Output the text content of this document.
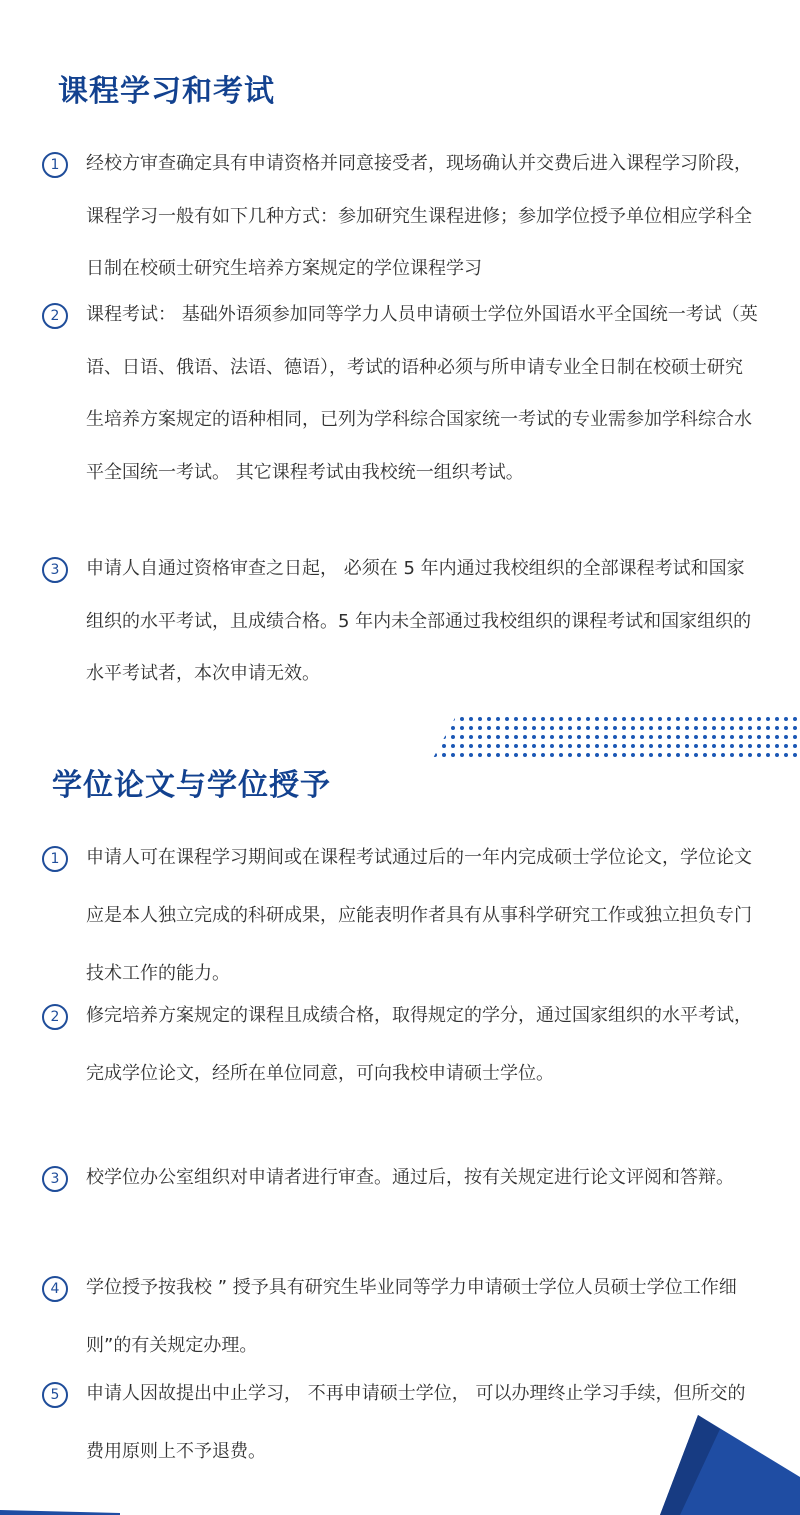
课程学习和考试
1	经校方审查确定具有申请资格并同意接受者，现场确认并交费后进入课程学习阶段，课程学习一般有如下几种方式：参加研究生课程进修；参加学位授予单位相应学科全日制在校硕士研究生培养方案规定的学位课程学习

2	课程考试： 基础外语须参加同等学力人员申请硕士学位外国语水平全国统一考试（英语、日语、俄语、法语、德语），考试的语种必须与所申请专业全日制在校硕士研究生培养方案规定的语种相同，已列为学科综合国家统一考试的专业需参加学科综合水平全国统一考试。 其它课程考试由我校统一组织考试。

3	申请人自通过资格审查之日起， 必须在 5 年内通过我校组织的全部课程考试和国家组织的水平考试，且成绩合格。5 年内未全部通过我校组织的课程考试和国家组织的水平考试者，本次申请无效。

学位论文与学位授予
1	申请人可在课程学习期间或在课程考试通过后的一年内完成硕士学位论文，学位论文应是本人独立完成的科研成果，应能表明作者具有从事科学研究工作或独立担负专门技术工作的能力。

2	修完培养方案规定的课程且成绩合格，取得规定的学分，通过国家组织的水平考试，完成学位论文，经所在单位同意，可向我校申请硕士学位。

3	校学位办公室组织对申请者进行审查。通过后，按有关规定进行论文评阅和答辩。

4	学位授予按我校 ” 授予具有研究生毕业同等学力申请硕士学位人员硕士学位工作细则”的有关规定办理。

5	申请人因故提出中止学习， 不再申请硕士学位， 可以办理终止学习手续，但所交的费用原则上不予退费。
